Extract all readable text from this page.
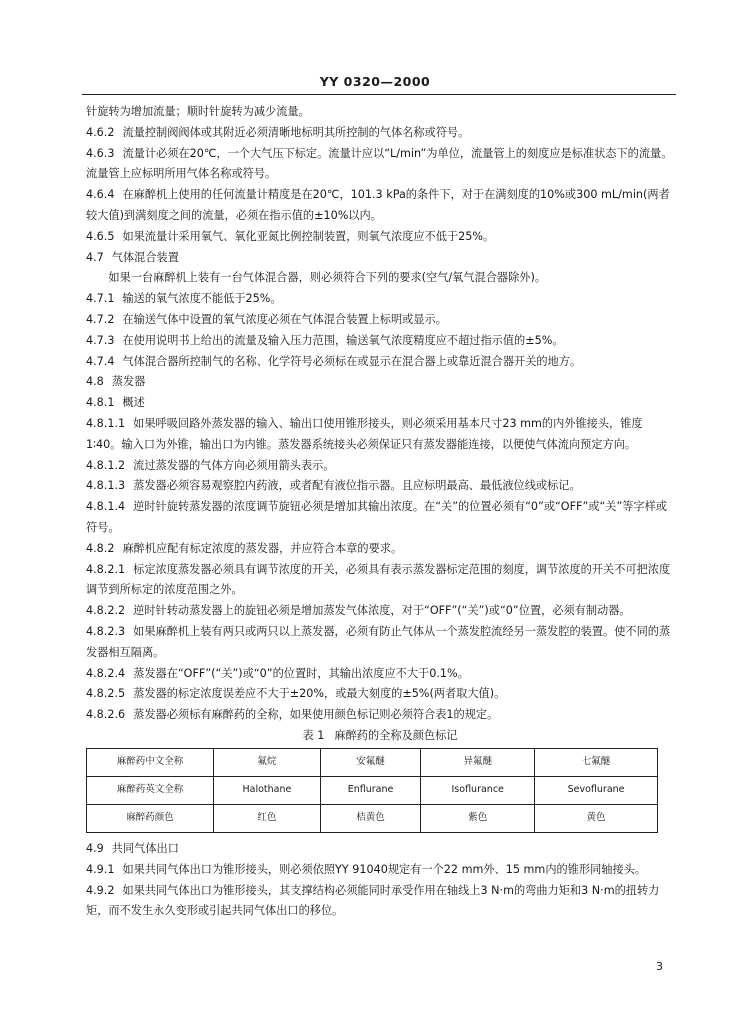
YY 0320—2000

针旋转为增加流量；顺时针旋转为减少流量。

4.6.2 流量控制阀阀体或其附近必须清晰地标明其所控制的气体名称或符号。

4.6.3 流量计必须在20℃，一个大气压下标定。流量计应以“L/min”为单位，流量管上的刻度应是标准状态下的流量。流量管上应标明所用气体名称或符号。

4.6.4 在麻醉机上使用的任何流量计精度是在20℃，101.3 kPa的条件下，对于在满刻度的10%或300 mL/min(两者较大值)到满刻度之间的流量，必须在指示值的±10%以内。

4.6.5 如果流量计采用氧气、氧化亚氮比例控制装置，则氧气浓度应不低于25%。

4.7 气体混合装置

如果一台麻醉机上装有一台气体混合器，则必须符合下列的要求(空气/氧气混合器除外)。

4.7.1 输送的氧气浓度不能低于25%。

4.7.2 在输送气体中设置的氧气浓度必须在气体混合装置上标明或显示。

4.7.3 在使用说明书上给出的流量及输入压力范围，输送氧气浓度精度应不超过指示值的±5%。

4.7.4 气体混合器所控制气的名称、化学符号必须标在或显示在混合器上或靠近混合器开关的地方。

4.8 蒸发器

4.8.1 概述

4.8.1.1 如果呼吸回路外蒸发器的输入、输出口使用锥形接头，则必须采用基本尺寸23 mm的内外锥接头，锥度1∶40。输入口为外锥，输出口为内锥。蒸发器系统接头必须保证只有蒸发器能连接，以便使气体流向预定方向。

4.8.1.2 流过蒸发器的气体方向必须用箭头表示。

4.8.1.3 蒸发器必须容易观察腔内药液，或者配有液位指示器。且应标明最高、最低液位线或标记。

4.8.1.4 逆时针旋转蒸发器的浓度调节旋钮必须是增加其输出浓度。在“关”的位置必须有“0”或“OFF”或“关”等字样或符号。

4.8.2 麻醉机应配有标定浓度的蒸发器，并应符合本章的要求。

4.8.2.1 标定浓度蒸发器必须具有调节浓度的开关，必须具有表示蒸发器标定范围的刻度，调节浓度的开关不可把浓度调节到所标定的浓度范围之外。

4.8.2.2 逆时针转动蒸发器上的旋钮必须是增加蒸发气体浓度，对于“OFF”(“关”)或“0”位置，必须有制动器。

4.8.2.3 如果麻醉机上装有两只或两只以上蒸发器，必须有防止气体从一个蒸发腔流经另一蒸发腔的装置。使不同的蒸发器相互隔离。

4.8.2.4 蒸发器在“OFF”(“关”)或“0”的位置时，其输出浓度应不大于0.1%。

4.8.2.5 蒸发器的标定浓度误差应不大于±20%，或最大刻度的±5%(两者取大值)。

4.8.2.6 蒸发器必须标有麻醉药的全称，如果使用颜色标记则必须符合表1的规定。

表 1 麻醉药的全称及颜色标记

麻醉药中文全称	氟烷	安氟醚	异氟醚	七氟醚
麻醉药英文全称	Halothane	Enflurane	Isoflurance	Sevoflurane
麻醉药颜色	红色	桔黄色	紫色	黄色

4.9 共同气体出口

4.9.1 如果共同气体出口为锥形接头，则必须依照YY 91040规定有一个22 mm外、15 mm内的锥形同轴接头。

4.9.2 如果共同气体出口为锥形接头，其支撑结构必须能同时承受作用在轴线上3 N·m的弯曲力矩和3 N·m的扭转力矩，而不发生永久变形或引起共同气体出口的移位。

3
